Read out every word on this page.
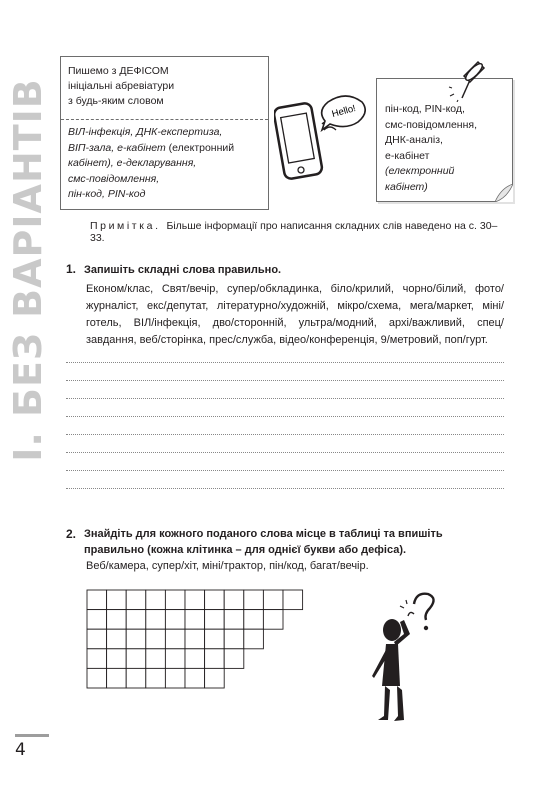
І. БЕЗ ВАРІАНТІВ
Пишемо з ДЕФІСОМ
ініціальні абревіатури
з будь-яким словом
ВІЛ-інфекція, ДНК-експертиза,
ВІП-зала, е-кабінет (електронний
кабінет), е-декларування,
смс-повідомлення,
пін-код, PIN-код
Hello!	пін-код, PIN-код,
смс-повідомлення,
ДНК-аналіз,
е-кабінет
(електронний
кабінет)
Примітка. Більше інформації про написання складних слів наведено на с. 30–33.
1. Запишіть складні слова правильно.
Економ/клас, Свят/вечір, супер/обкладинка, біло/крилий, чорно/білий, фото/журналіст, екс/депутат, літературно/художній, мікро/схема, мега/маркет, міні/готель, ВІЛ/інфекція, дво/сторонній, ультра/модний, архі/важливий, спец/завдання, веб/сторінка, прес/служба, відео/конференція, 9/метровий, поп/гурт.
2. Знайдіть для кожного поданого слова місце в таблиці та впишіть правильно (кожна клітинка – для однієї букви або дефіса).
Веб/камера, супер/хіт, міні/трактор, пін/код, багат/вечір.
4
